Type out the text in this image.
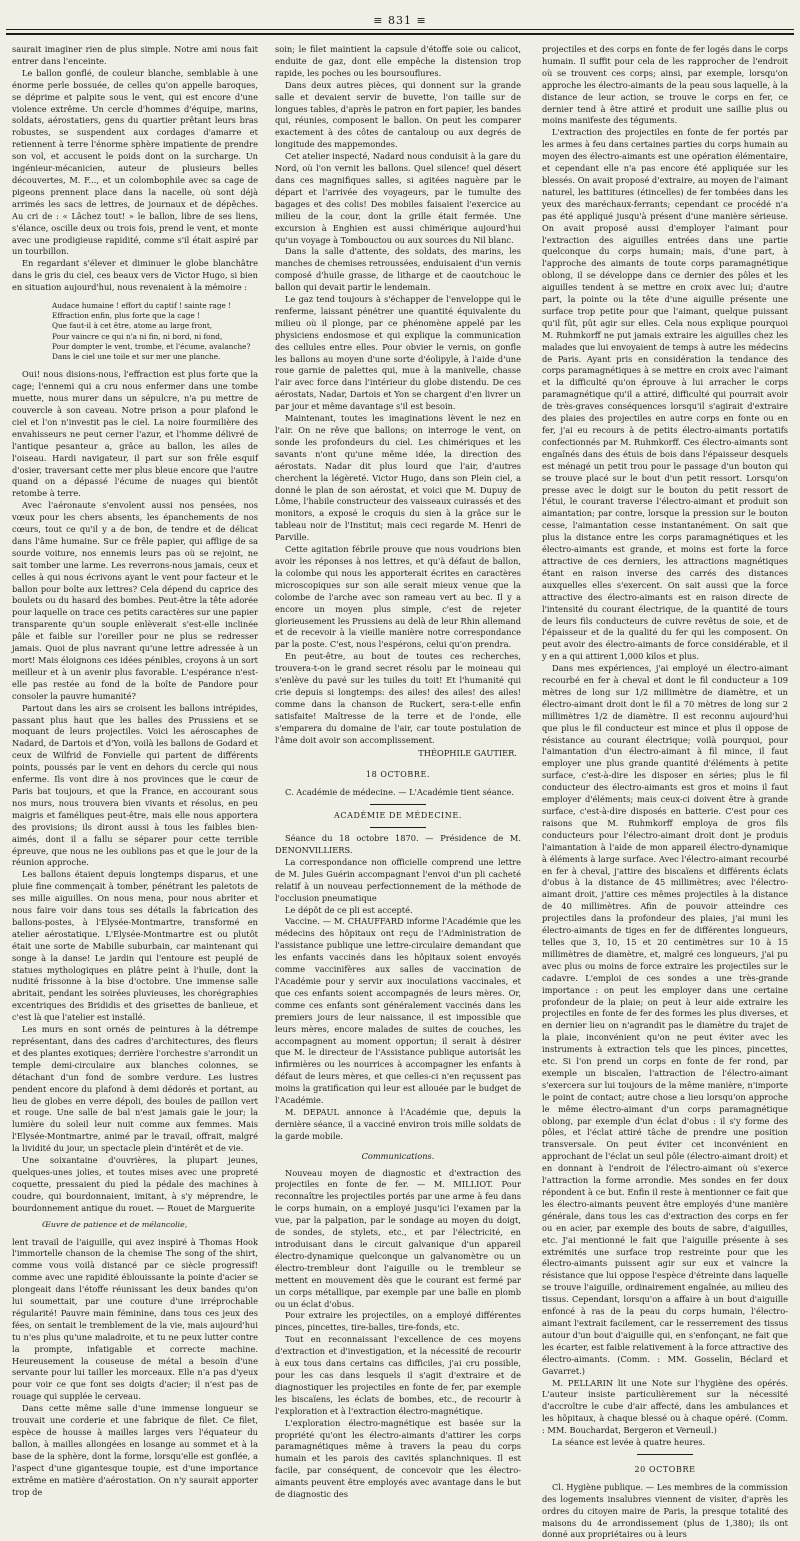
≡ 831 ≡

saurait imaginer rien de plus simple. Notre ami nous fait entrer dans l'enceinte.

Le ballon gonflé, de couleur blanche, semblable à une énorme perle bossuée, de celles qu'on appelle baroques, se déprime et palpite sous le vent, qui est encore d'une violence extrême. Un cercle d'hommes d'équipe, marins, soldats, aérostatiers, gens du quartier prêtant leurs bras robustes, se suspendent aux cordages d'amarre et retiennent à terre l'énorme sphère impatiente de prendre son vol, et accusent le poids dont on la surcharge. Un ingénieur-mécanicien, auteur de plusieurs belles découvertes, M. F..., et un colombophile avec sa cage de pigeons prennent place dans la nacelle, où sont déjà arrimés les sacs de lettres, de journaux et de dépêches. Au cri de : « Lâchez tout! » le ballon, libre de ses liens, s'élance, oscille deux ou trois fois, prend le vent, et monte avec une prodigieuse rapidité, comme s'il était aspiré par un tourbillon.

En regardant s'élever et diminuer le globe blanchâtre dans le gris du ciel, ces beaux vers de Victor Hugo, si bien en situation aujourd'hui, nous revenaient à la mémoire :

Audace humaine ! effort du captif ! sainte rage !
Effraction enfin, plus forte que la cage !
Que faut-il à cet être, atome au large front,
Pour vaincre ce qui n'a ni fin, ni bord, ni fond,
Pour dompter le vent, trombe, et l'écume, avalanche?
Dans le ciel une toile et sur mer une planche.

Oui! nous disions-nous, l'effraction est plus forte que la cage; l'ennemi qui a cru nous enfermer dans une tombe muette, nous murer dans un sépulcre, n'a pu mettre de couvercle à son caveau. Notre prison a pour plafond le ciel et l'on n'investit pas le ciel. La noire fourmilière des envahisseurs ne peut cerner l'azur, et l'homme délivré de l'antique pesanteur a, grâce au ballon, les ailes de l'oiseau. Hardi navigateur, il part sur son frêle esquif d'osier, traversant cette mer plus bleue encore que l'autre quand on a dépassé l'écume de nuages qui bientôt retombe à terre.

Avec l'aéronaute s'envolent aussi nos pensées, nos vœux pour les chers absents, les épanchements de nos cœurs, tout ce qu'il y a de bon, de tendre et de délicat dans l'âme humaine. Sur ce frêle papier, qui afflige de sa sourde voiture, nos ennemis leurs pas où se rejoint, ne sait tomber une larme. Les reverrons-nous jamais, ceux et celles à qui nous écrivons ayant le vent pour facteur et le ballon pour boîte aux lettres? Cela dépend du caprice des boulets ou du hasard des bombes. Peut-être la tête adorée pour laquelle on trace ces petits caractères sur une papier transparente qu'un souple enlèverait s'est-elle inclinée pâle et faible sur l'oreiller pour ne plus se redresser jamais. Quoi de plus navrant qu'une lettre adressée à un mort! Mais éloignons ces idées pénibles, croyons à un sort meilleur et à un avenir plus favorable. L'espérance n'est-elle pas restée au fond de la boîte de Pandore pour consoler la pauvre humanité?

Partout dans les airs se croisent les ballons intrépides, passant plus haut que les balles des Prussiens et se moquant de leurs projectiles. Voici les aéroscaphes de Nadard, de Dartois et d'Yon, voilà les ballons de Godard et ceux de Wilfrid de Fonvielle qui partent de différents points, poussés par le vent en dehors du cercle qui nous enferme. Ils vont dire à nos provinces que le cœur de Paris bat toujours, et que la France, en accourant sous nos murs, nous trouvera bien vivants et résolus, en peu maigris et faméliques peut-être, mais elle nous apportera des provisions; ils diront aussi à tous les faibles bien-aimés, dont il a fallu se séparer pour cette terrible épreuve, que nous ne les oublions pas et que le jour de la réunion approche.

Les ballons étaient depuis longtemps disparus, et une pluie fine commençait à tomber, pénétrant les paletots de ses mille aiguilles. On nous mena, pour nous abriter et nous faire voir dans tous ses détails la fabrication des ballons-postes, à l'Elysée-Montmartre, transformé en atelier aérostatique. L'Elysée-Montmartre est ou plutôt était une sorte de Mabille suburbain, car maintenant qui songe à la danse! Le jardin qui l'entoure est peuplé de statues mythologiques en plâtre peint à l'huile, dont la nudité frissonne à la bise d'octobre. Une immense salle abritait, pendant les soirées pluvieuses, les chorégraphies excentriques des Brididis et des grisettes de banlieue, et c'est là que l'atelier est installé.

Les murs en sont ornés de peintures à la détrempe représentant, dans des cadres d'architectures, des fleurs et des plantes exotiques; derrière l'orchestre s'arrondit un temple demi-circulaire aux blanches colonnes, se détachant d'un fond de sombre verdure. Les lustres pendent encore du plafond à demi dédorés et portant, au lieu de globes en verre dépoli, des boules de paillon vert et rouge. Une salle de bal n'est jamais gaie le jour; la lumière du soleil leur nuit comme aux femmes. Mais l'Elysée-Montmartre, animé par le travail, offrait, malgré la lividité du jour, un spectacle plein d'intérêt et de vie.

Une soixantaine d'ouvrières, la plupart jeunes, quelques-unes jolies, et toutes mises avec une propreté coquette, pressaient du pied la pédale des machines à coudre, qui bourdonnaient, imitant, à s'y méprendre, le bourdonnement antique du rouet. — Rouet de Marguerite

Œuvre de patience et de mélancolie,

lent travail de l'aiguille, qui avez inspiré à Thomas Hook l'immortelle chanson de la chemise The song of the shirt, comme vous voilà distancé par ce siècle progressif! comme avec une rapidité éblouissante la pointe d'acier se plongeait dans l'étoffe réunissant les deux bandes qu'on lui soumettait, par une couture d'une irréprochable régularité! Pauvre main féminine, dans tous ces jeux des fées, on sentait le tremblement de la vie, mais aujourd'hui tu n'es plus qu'une maladroite, et tu ne peux lutter contre la prompte, infatigable et correcte machine. Heureusement la couseuse de métal a besoin d'une servante pour lui tailler les morceaux. Elle n'a pas d'yeux pour voir ce que font ses doigts d'acier; il n'est pas de rouage qui supplée le cerveau.

Dans cette même salle d'une immense longueur se trouvait une corderie et une fabrique de filet. Ce filet, espèce de housse à mailles larges vers l'équateur du ballon, à mailles allongées en losange au sommet et à la base de la sphère, dont la forme, lorsqu'elle est gonflée, a l'aspect d'une gigantesque toupie, est d'une importance extrême en matière d'aérostation. On n'y saurait apporter trop de

soin; le filet maintient la capsule d'étoffe soie ou calicot, enduite de gaz, dont elle empêche la distension trop rapide, les poches ou les boursouflures.

Dans deux autres pièces, qui donnent sur la grande salle et devaient servir de buvette, l'on taille sur de longues tables, d'après le patron en fort papier, les bandes qui, réunies, composent le ballon. On peut les comparer exactement à des côtes de cantaloup ou aux degrés de longitude des mappemondes.

Cet atelier inspecté, Nadard nous conduisit à la gare du Nord, où l'on vernit les ballons. Quel silence! quel désert dans ces magnifiques salles, si agitées naguère par le départ et l'arrivée des voyageurs, par le tumulte des bagages et des colis! Des mobiles faisaient l'exercice au milieu de la cour, dont la grille était fermée. Une excursion à Enghien est aussi chimérique aujourd'hui qu'un voyage à Tombouctou ou aux sources du Nil blanc.

Dans la salle d'attente, des soldats, des marins, les manches de chemises retroussées, enduisaient d'un vernis composé d'huile grasse, de litharge et de caoutchouc le ballon qui devait partir le lendemain.

Le gaz tend toujours à s'échapper de l'enveloppe qui le renferme, laissant pénétrer une quantité équivalente du milieu où il plonge, par ce phénomène appelé par les physiciens endosmose et qui explique la communication des cellules entre elles. Pour obvier le vernis, on gonfle les ballons au moyen d'une sorte d'éolipyle, à l'aide d'une roue garnie de palettes qui, mue à la manivelle, chasse l'air avec force dans l'intérieur du globe distendu. De ces aérostats, Nadar, Dartois et Yon se chargent d'en livrer un par jour et même davantage s'il est besoin.

Maintenant, toutes les imaginations lèvent le nez en l'air. On ne rêve que ballons; on interroge le vent, on sonde les profondeurs du ciel. Les chimériques et les savants n'ont qu'une même idée, la direction des aérostats. Nadar dit plus lourd que l'air, d'autres cherchent la légèreté. Victor Hugo, dans son Plein ciel, a donné le plan de son aérostat, et voici que M. Dupuy de Lôme, l'habile constructeur des vaisseaux cuirassés et des monitors, a exposé le croquis du sien à la grâce sur le tableau noir de l'Institut; mais ceci regarde M. Henri de Parville.

Cette agitation fébrile prouve que nous voudrions bien avoir les réponses à nos lettres, et qu'à défaut de ballon, la colombe qui nous les apporterait écrites en caractères microscopiques sur son aile serait mieux venue que la colombe de l'arche avec son rameau vert au bec. Il y a encore un moyen plus simple, c'est de rejeter glorieusement les Prussiens au delà de leur Rhin allemand et de recevoir à la vieille manière notre correspondance par la poste. C'est, nous l'espérons, celui qu'on prendra.

En peut-être, au bout de toutes ces recherches, trouvera-t-on le grand secret résolu par le moineau qui s'enlève du pavé sur les tuiles du toit! Et l'humanité qui crie depuis si longtemps: des ailes! des ailes! des ailes! comme dans la chanson de Ruckert, sera-t-elle enfin satisfaite! Maîtresse de la terre et de l'onde, elle s'emparera du domaine de l'air, car toute postulation de l'âme doit avoir son accomplissement.

THÉOPHILE GAUTIER.
18 OCTOBRE.

C. Académie de médecine. — L'Académie tient séance.

ACADÉMIE DE MÉDECINE.

Séance du 18 octobre 1870. — Présidence de M. DENONVILLIERS.

La correspondance non officielle comprend une lettre de M. Jules Guérin accompagnant l'envoi d'un pli cacheté relatif à un nouveau perfectionnement de la méthode de l'occlusion pneumatique

Le dépôt de ce pli est accepté.

Vaccine. — M. CHAUFFARD informe l'Académie que les médecins des hôpitaux ont reçu de l'Administration de l'assistance publique une lettre-circulaire demandant que les enfants vaccinés dans les hôpitaux soient envoyés comme vaccinifères aux salles de vaccination de l'Académie pour y servir aux inoculations vaccinales, et que ces enfants soient accompagnés de leurs mères. Or, comme ces enfants sont généralement vaccinés dans les premiers jours de leur naissance, il est impossible que leurs mères, encore malades de suites de couches, les accompagnent au moment opportun; il serait à désirer que M. le directeur de l'Assistance publique autorisât les infirmières ou les nourrices à accompagner les enfants à défaut de leurs mères, et que celles-ci n'en reçussent pas moins la gratification qui leur est allouée par le budget de l'Académie.

M. DEPAUL annonce à l'Académie que, depuis la dernière séance, il a vacciné environ trois mille soldats de la garde mobile.

Communications.

Nouveau moyen de diagnostic et d'extraction des projectiles en fonte de fer. — M. MILLIOT. Pour reconnaître les projectiles portés par une arme à feu dans le corps humain, on a employé jusqu'ici l'examen par la vue, par la palpation, par le sondage au moyen du doigt, de sondes, de stylets, etc., et par l'électricité, en introduisant dans le circuit galvanique d'un appareil électro-dynamique quelconque un galvanomètre ou un électro-trembleur dont l'aiguille ou le trembleur se mettent en mouvement dès que le courant est fermé par un corps métallique, par exemple par une balle en plomb ou un éclat d'obus.

Pour extraire les projectiles, on a employé différentes pinces, pincettes, tire-balles, tire-fonds, etc.

Tout en reconnaissant l'excellence de ces moyens d'extraction et d'investigation, et la nécessité de recourir à eux tous dans certains cas difficiles, j'ai cru possible, pour les cas dans lesquels il s'agit d'extraire et de diagnostiquer les projectiles en fonte de fer, par exemple les biscaïens, les éclats de bombes, etc., de recourir à l'exploration et à l'extraction électro-magnétique.

L'exploration électro-magnétique est basée sur la propriété qu'ont les électro-aimants d'attirer les corps paramagnétiques même à travers la peau du corps humain et les parois des cavités splanchniques. Il est facile, par conséquent, de concevoir que les électro-aimants peuvent être employés avec avantage dans le but de diagnostic des

projectiles et des corps en fonte de fer logés dans le corps humain. Il suffit pour cela de les rapprocher de l'endroit où se trouvent ces corps; ainsi, par exemple, lorsqu'on approche les électro-aimants de la peau sous laquelle, à la distance de leur action, se trouve le corps en fer, ce dernier tend à être attiré et produit une saillie plus ou moins manifeste des téguments.

L'extraction des projectiles en fonte de fer portés par les armes à feu dans certaines parties du corps humain au moyen des électro-aimants est une opération élémentaire, et cependant elle n'a pas encore été appliquée sur les blessés. On avait proposé d'extraire, au moyen de l'aimant naturel, les battitures (étincelles) de fer tombées dans les yeux des maréchaux-ferrants; cependant ce procédé n'a pas été appliqué jusqu'à présent d'une manière sérieuse. On avait proposé aussi d'employer l'aimant pour l'extraction des aiguilles entrées dans une partie quelconque du corps humain; mais, d'une part, à l'approche des aimants de toute corps paramagnétique oblong, il se développe dans ce dernier des pôles et les aiguilles tendent à se mettre en croix avec lui; d'autre part, la pointe ou la tête d'une aiguille présente une surface trop petite pour que l'aimant, quelque puissant qu'il fût, pût agir sur elles. Cela nous explique pourquoi M. Ruhmkorff ne put jamais extraire les aiguilles chez les malades que lui envoyaient de temps à autre les médecins de Paris. Ayant pris en considération la tendance des corps paramagnétiques à se mettre en croix avec l'aimant et la difficulté qu'on éprouve à lui arracher le corps paramagnétique qu'il a attiré, difficulté qui pourrait avoir de très-graves conséquences lorsqu'il s'agirait d'extraire des plaies des projectiles en autre corps en fonte ou en fer, j'ai eu recours à de petits électro-aimants portatifs confectionnés par M. Ruhmkorff. Ces électro-aimants sont engaînés dans des étuis de bois dans l'épaisseur desquels est ménagé un petit trou pour le passage d'un bouton qui se trouve placé sur le bout d'un petit ressort. Lorsqu'on presse avec le doigt sur le bouton du petit ressort de l'étui, le courant traverse l'électro-aimant et produit son aimantation; par contre, lorsque la pression sur le bouton cesse, l'aimantation cesse instantanément. On sait que plus la distance entre les corps paramagnétiques et les électro-aimants est grande, et moins est forte la force attractive de ces derniers, les attractions magnétiques étant en raison inverse des carrés des distances auxquelles elles s'exercent. On sait aussi que la force attractive des électro-aimants est en raison directe de l'intensité du courant électrique, de la quantité de tours de leurs fils conducteurs de cuivre revêtus de soie, et de l'épaisseur et de la qualité du fer qui les composent. On peut avoir des électro-aimants de force considérable, et il y en a qui attirent 1,000 kilos et plus.

Dans mes expériences, j'ai employé un électro-aimant recourbé en fer à cheval et dont le fil conducteur a 109 mètres de long sur 1/2 millimètre de diamètre, et un électro-aimant droit dont le fil a 70 mètres de long sur 2 millimètres 1/2 de diamètre. Il est reconnu aujourd'hui que plus le fil conducteur est mince et plus il oppose de résistance au courant électrique; voilà pourquoi, pour l'aimantation d'un électro-aimant à fil mince, il faut employer une plus grande quantité d'éléments à petite surface, c'est-à-dire les disposer en séries; plus le fil conducteur des électro-aimants est gros et moins il faut employer d'éléments; mais ceux-ci doivent être à grande surface, c'est-à-dire disposés en batterie. C'est pour ces raisons que M. Ruhmkorff employa de gros fils conducteurs pour l'électro-aimant droit dont je produis l'aimantation à l'aide de mon appareil électro-dynamique à éléments à large surface. Avec l'électro-aimant recourbé en fer à cheval, j'attire des biscaïens et différents éclats d'obus à la distance de 45 millimètres; avec l'électro-aimant droit, j'attire ces mêmes projectiles à la distance de 40 millimètres. Afin de pouvoir atteindre ces projectiles dans la profondeur des plaies, j'ai muni les électro-aimants de tiges en fer de différentes longueurs, telles que 3, 10, 15 et 20 centimètres sur 10 à 15 millimètres de diamètre, et, malgré ces longueurs, j'ai pu avec plus ou moins de force extraire les projectiles sur le cadavre. L'emploi de ces sondes a une très-grande importance : on peut les employer dans une certaine profondeur de la plaie; on peut à leur aide extraire les projectiles en fonte de fer des formes les plus diverses, et en dernier lieu on n'agrandit pas le diamètre du trajet de la plaie, inconvénient qu'on ne peut éviter avec les instruments à extraction tels que les pinces, pincettes, etc. Si l'on prend un corps en fonte de fer rond, par exemple un biscaïen, l'attraction de l'électro-aimant s'exercera sur lui toujours de la même manière, n'importe le point de contact; autre chose a lieu lorsqu'on approche le même électro-aimant d'un corps paramagnétique oblong, par exemple d'un éclat d'obus : il s'y forme des pôles, et l'éclat attiré tâche de prendre une position transversale. On peut éviter cet inconvénient en approchant de l'éclat un seul pôle (électro-aimant droit) et en donnant à l'endroit de l'électro-aimant où s'exerce l'attraction la forme arrondie. Mes sondes en fer doux répondent à ce but. Enfin il reste à mentionner ce fait que les électro-aimants peuvent être employés d'une manière générale, dans tous les cas d'extraction des corps en fer ou en acier, par exemple des bouts de sabre, d'aiguilles, etc. J'ai mentionné le fait que l'aiguille présente à ses extrémités une surface trop restreinte pour que les électro-aimants puissent agir sur eux et vaincre la résistance que lui oppose l'espèce d'étreinte dans laquelle se trouve l'aiguille, ordinairement engaînée, au milieu des tissus. Cependant, lorsqu'on a affaire à un bout d'aiguille enfoncé à ras de la peau du corps humain, l'électro-aimant l'extrait facilement, car le resserrement des tissus autour d'un bout d'aiguille qui, en s'enfonçant, ne fait que les écarter, est faible relativement à la force attractive des électro-aimants. (Comm. : MM. Gosselin, Béclard et Gavarret.)

M. PELLARIN lit une Note sur l'hygiène des opérés. L'auteur insiste particulièrement sur la nécessité d'accroître le cube d'air affecté, dans les ambulances et les hôpitaux, à chaque blessé ou à chaque opéré. (Comm. : MM. Bouchardat, Bergeron et Verneuil.)

La séance est levée à quatre heures.

20 OCTOBRE

Cl. Hygiène publique. — Les membres de la commission des logements insalubres viennent de visiter, d'après les ordres du citoyen maire de Paris, la presque totalité des maisons du 4e arrondissement (plus de 1,380); ils ont donné aux propriétaires ou à leurs
